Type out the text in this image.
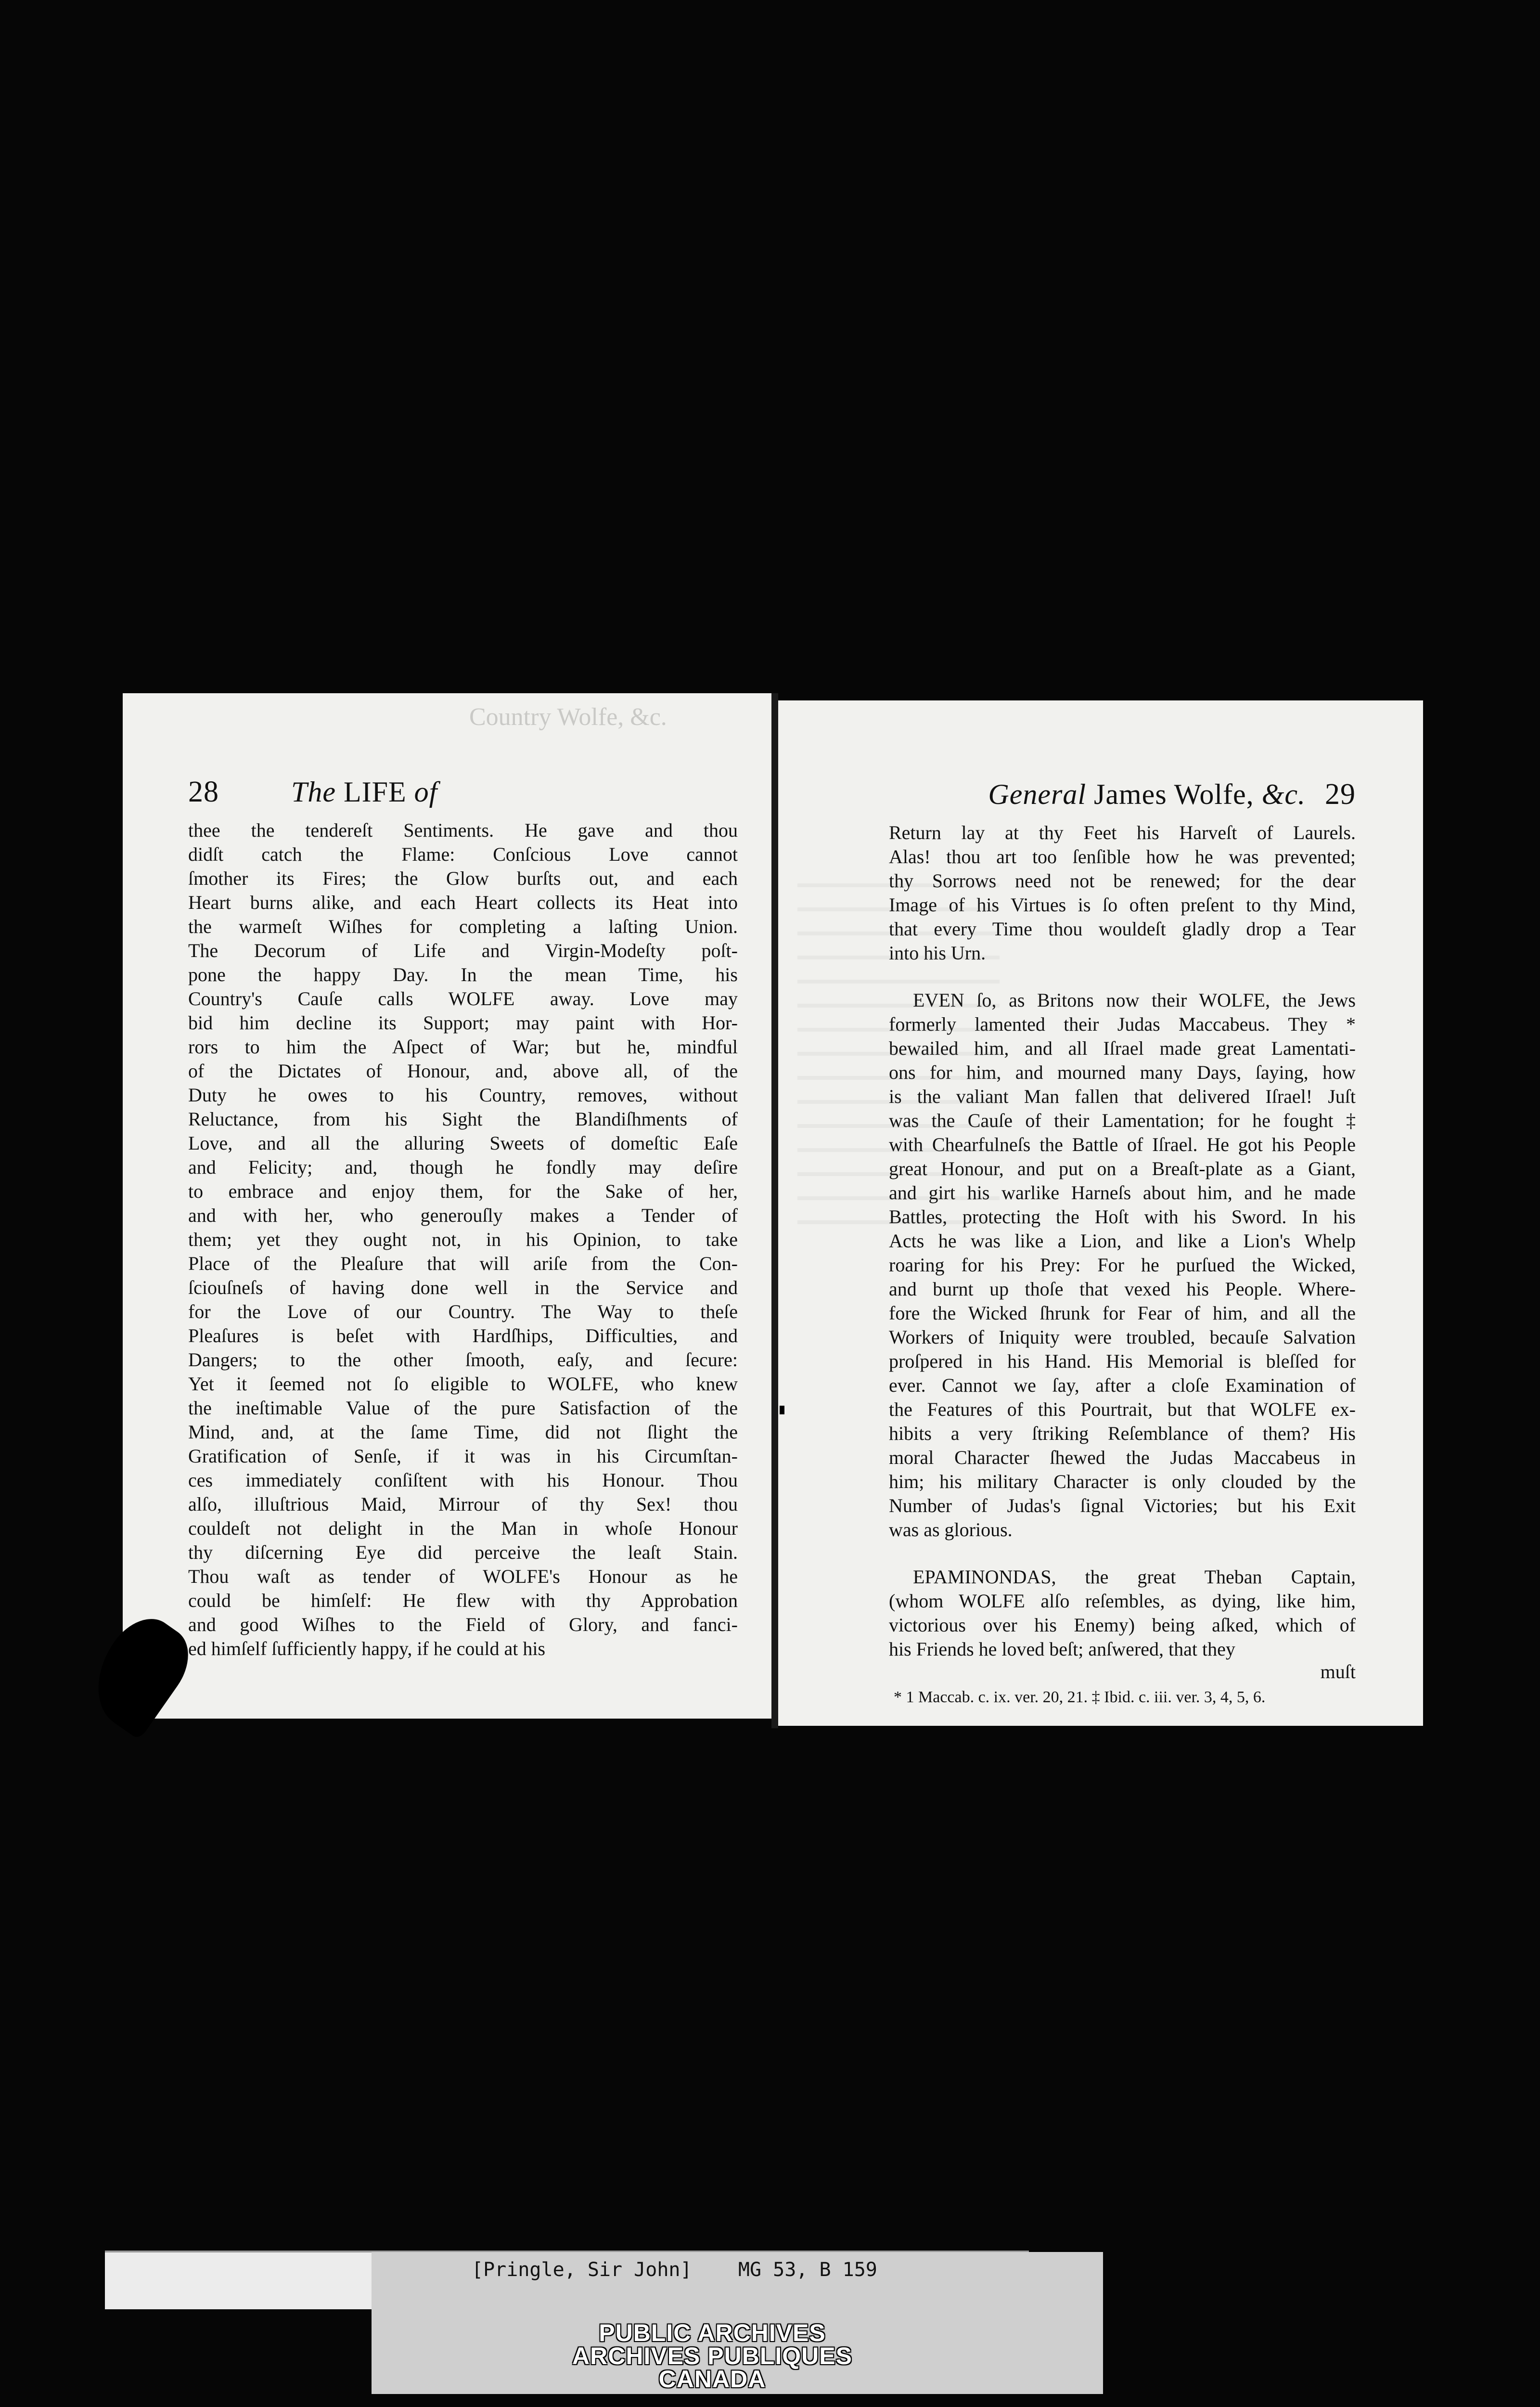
Country Wolfe, &c.
28	The LIFE of
thee the tendereſt Sentiments. He gave and thou
didſt catch the Flame: Conſcious Love cannot
ſmother its Fires; the Glow burſts out, and each
Heart burns alike, and each Heart collects its Heat into
the warmeſt Wiſhes for completing a laſting Union.
The Decorum of Life and Virgin-Modeſty poſt-
pone the happy Day. In the mean Time, his
Country's Cauſe calls WOLFE away. Love may
bid him decline its Support; may paint with Hor-
rors to him the Aſpect of War; but he, mindful
of the Dictates of Honour, and, above all, of the
Duty he owes to his Country, removes, without
Reluctance, from his Sight the Blandiſhments of
Love, and all the alluring Sweets of domeſtic Eaſe
and Felicity; and, though he fondly may deſire
to embrace and enjoy them, for the Sake of her,
and with her, who generouſly makes a Tender of
them; yet they ought not, in his Opinion, to take
Place of the Pleaſure that will ariſe from the Con-
ſciouſneſs of having done well in the Service and
for the Love of our Country. The Way to theſe
Pleaſures is beſet with Hardſhips, Difficulties, and
Dangers; to the other ſmooth, eaſy, and ſecure:
Yet it ſeemed not ſo eligible to WOLFE, who knew
the ineſtimable Value of the pure Satisfaction of the
Mind, and, at the ſame Time, did not ſlight the
Gratification of Senſe, if it was in his Circumſtan-
ces immediately conſiſtent with his Honour. Thou
alſo, illuſtrious Maid, Mirrour of thy Sex! thou
couldeſt not delight in the Man in whoſe Honour
thy diſcerning Eye did perceive the leaſt Stain.
Thou waſt as tender of WOLFE's Honour as he
could be himſelf: He flew with thy Approbation
and good Wiſhes to the Field of Glory, and fanci-
ed himſelf ſufficiently happy, if he could at his
General James Wolfe, &c. 29
Return lay at thy Feet his Harveſt of Laurels.
Alas! thou art too ſenſible how he was prevented;
thy Sorrows need not be renewed; for the dear
Image of his Virtues is ſo often preſent to thy Mind,
that every Time thou wouldeſt gladly drop a Tear
into his Urn.
EVEN ſo, as Britons now their WOLFE, the Jews
formerly lamented their Judas Maccabeus. They *
bewailed him, and all Iſrael made great Lamentati-
ons for him, and mourned many Days, ſaying, how
is the valiant Man fallen that delivered Iſrael! Juſt
was the Cauſe of their Lamentation; for he fought ‡
with Chearfulneſs the Battle of Iſrael. He got his People
great Honour, and put on a Breaſt-plate as a Giant,
and girt his warlike Harneſs about him, and he made
Battles, protecting the Hoſt with his Sword. In his
Acts he was like a Lion, and like a Lion's Whelp
roaring for his Prey: For he purſued the Wicked,
and burnt up thoſe that vexed his People. Where-
fore the Wicked ſhrunk for Fear of him, and all the
Workers of Iniquity were troubled, becauſe Salvation
proſpered in his Hand. His Memorial is bleſſed for
ever. Cannot we ſay, after a cloſe Examination of
the Features of this Pourtrait, but that WOLFE ex-
hibits a very ſtriking Reſemblance of them? His
moral Character ſhewed the Judas Maccabeus in
him; his military Character is only clouded by the
Number of Judas's ſignal Victories; but his Exit
was as glorious.
EPAMINONDAS, the great Theban Captain,
(whom WOLFE alſo reſembles, as dying, like him,
victorious over his Enemy) being aſked, which of
his Friends he loved beſt; anſwered, that they
muſt
* 1 Maccab. c. ix. ver. 20, 21. ‡ Ibid. c. iii. ver. 3, 4, 5, 6.
[Pringle, Sir John]    MG 53, B 159
PUBLIC ARCHIVES
ARCHIVES PUBLIQUES
CANADA
